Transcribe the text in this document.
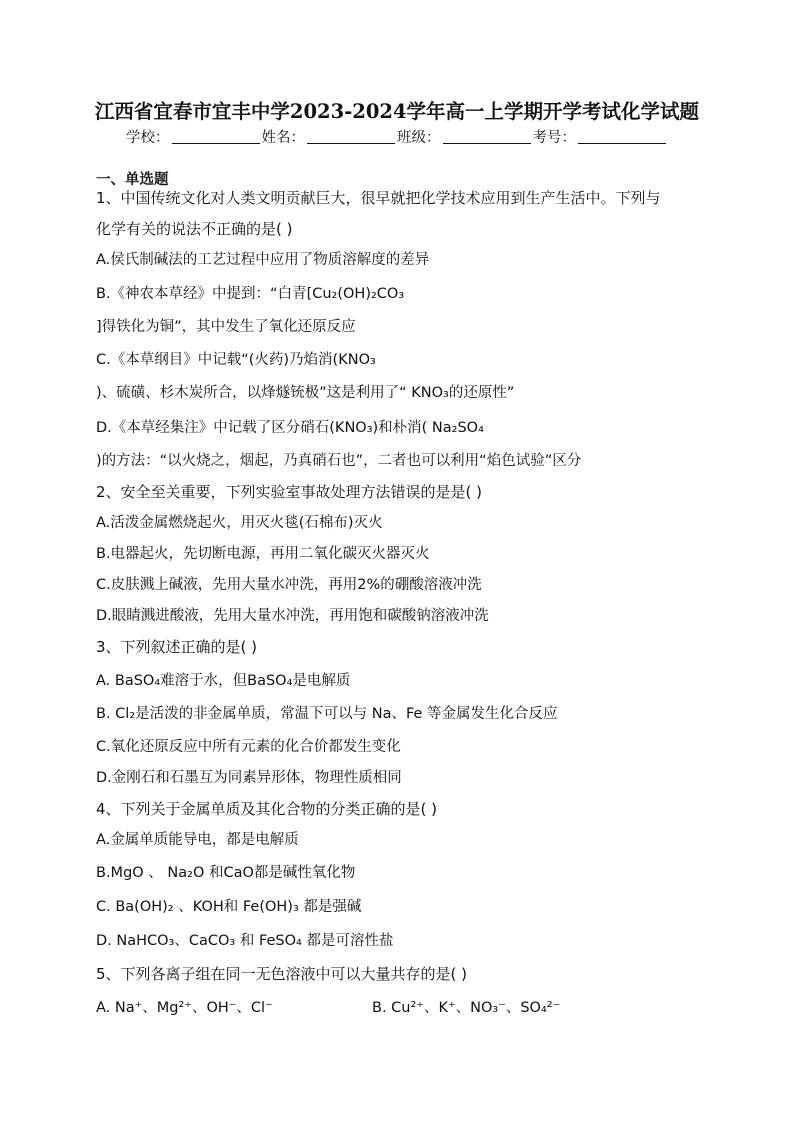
江西省宜春市宜丰中学2023-2024学年高一上学期开学考试化学试题
学校：	姓名：	班级：	考号：
一、单选题
1、中国传统文化对人类文明贡献巨大，很早就把化学技术应用到生产生活中。下列与
化学有关的说法不正确的是( )
A.侯氏制碱法的工艺过程中应用了物质溶解度的差异
B.《神农本草经》中提到：“白青[Cu₂(OH)₂CO₃
]得铁化为铜”，其中发生了氧化还原反应
C.《本草纲目》中记载“(火药)乃焰消(KNO₃
)、硫磺、杉木炭所合，以烽燧铳极”这是利用了“ KNO₃的还原性”
D.《本草经集注》中记载了区分硝石(KNO₃)和朴消( Na₂SO₄
)的方法：“以火烧之，烟起，乃真硝石也”，二者也可以利用“焰色试验”区分
2、安全至关重要，下列实验室事故处理方法错误的是是( )
A.活泼金属燃烧起火，用灭火毯(石棉布)灭火
B.电器起火，先切断电源，再用二氧化碳灭火器灭火
C.皮肤溅上碱液，先用大量水冲洗，再用2%的硼酸溶液冲洗
D.眼睛溅进酸液，先用大量水冲洗，再用饱和碳酸钠溶液冲洗
3、下列叙述正确的是( )
A. BaSO₄难溶于水，但BaSO₄是电解质
B. Cl₂是活泼的非金属单质，常温下可以与 Na、Fe 等金属发生化合反应
C.氧化还原反应中所有元素的化合价都发生变化
D.金刚石和石墨互为同素异形体，物理性质相同
4、下列关于金属单质及其化合物的分类正确的是( )
A.金属单质能导电，都是电解质
B.MgO 、 Na₂O 和CaO都是碱性氧化物
C. Ba(OH)₂ 、KOH和 Fe(OH)₃ 都是强碱
D. NaHCO₃、CaCO₃ 和 FeSO₄ 都是可溶性盐
5、下列各离子组在同一无色溶液中可以大量共存的是( )
A. Na⁺、Mg²⁺、OH⁻、Cl⁻	B. Cu²⁺、K⁺、NO₃⁻、SO₄²⁻
